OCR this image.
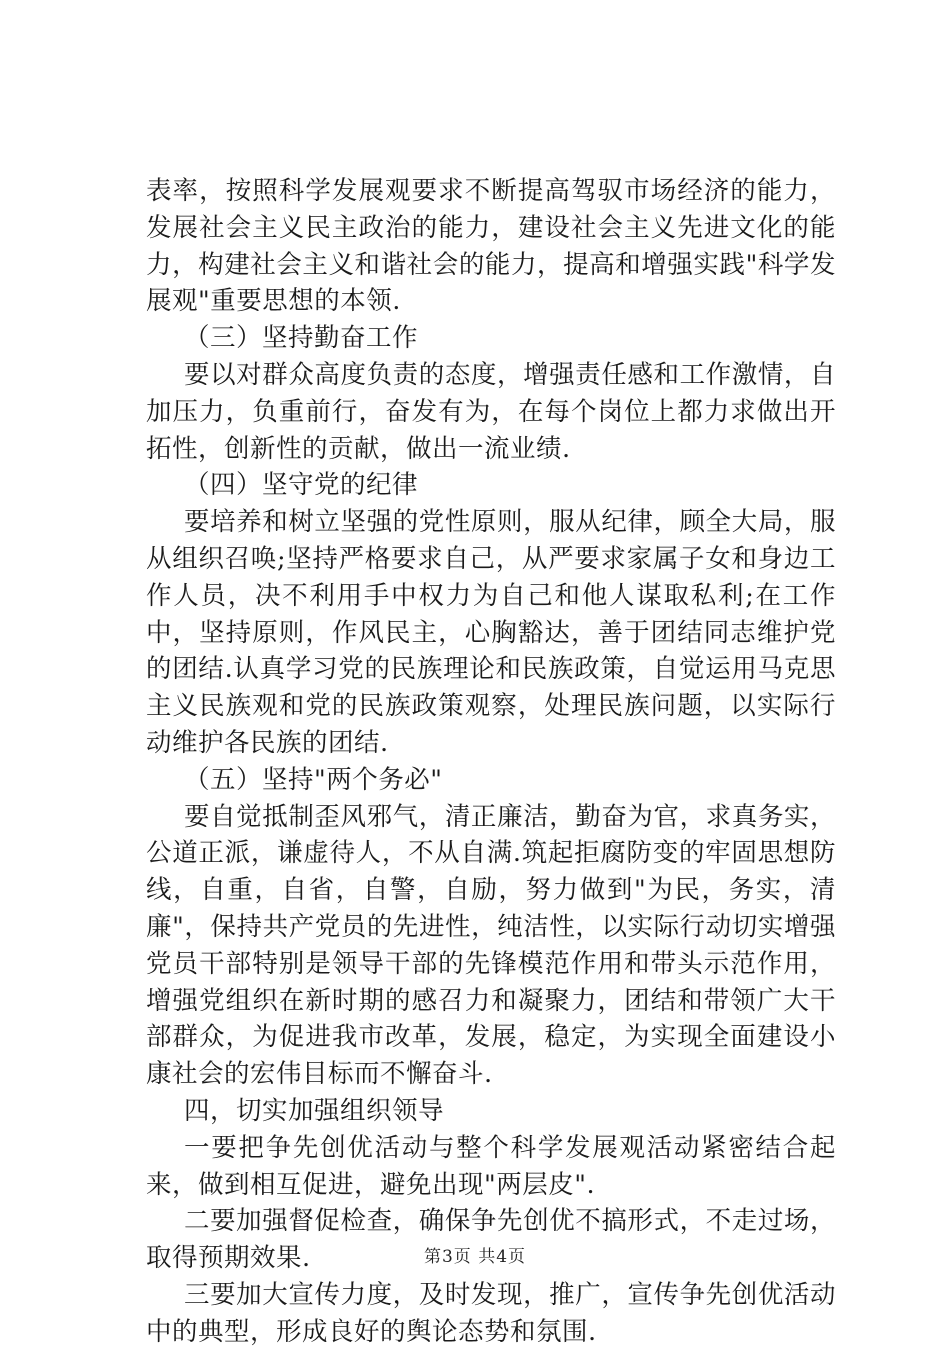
表率，按照科学发展观要求不断提高驾驭市场经济的能力，发展社会主义民主政治的能力，建设社会主义先进文化的能力，构建社会主义和谐社会的能力，提高和增强实践"科学发展观"重要思想的本领.

（三）坚持勤奋工作

要以对群众高度负责的态度，增强责任感和工作激情，自加压力，负重前行，奋发有为，在每个岗位上都力求做出开拓性，创新性的贡献，做出一流业绩.

（四）坚守党的纪律

要培养和树立坚强的党性原则，服从纪律，顾全大局，服从组织召唤;坚持严格要求自己，从严要求家属子女和身边工作人员，决不利用手中权力为自己和他人谋取私利;在工作中，坚持原则，作风民主，心胸豁达，善于团结同志维护党的团结.认真学习党的民族理论和民族政策，自觉运用马克思主义民族观和党的民族政策观察，处理民族问题，以实际行动维护各民族的团结.

（五）坚持"两个务必"

要自觉抵制歪风邪气，清正廉洁，勤奋为官，求真务实，公道正派，谦虚待人，不从自满.筑起拒腐防变的牢固思想防线，自重，自省，自警，自励，努力做到"为民，务实，清廉"，保持共产党员的先进性，纯洁性，以实际行动切实增强党员干部特别是领导干部的先锋模范作用和带头示范作用，增强党组织在新时期的感召力和凝聚力，团结和带领广大干部群众，为促进我市改革，发展，稳定，为实现全面建设小康社会的宏伟目标而不懈奋斗.

四，切实加强组织领导

一要把争先创优活动与整个科学发展观活动紧密结合起来，做到相互促进，避免出现"两层皮".

二要加强督促检查，确保争先创优不搞形式，不走过场，取得预期效果.

三要加大宣传力度，及时发现，推广，宣传争先创优活动中的典型，形成良好的舆论态势和氛围.

第3页 共4页
